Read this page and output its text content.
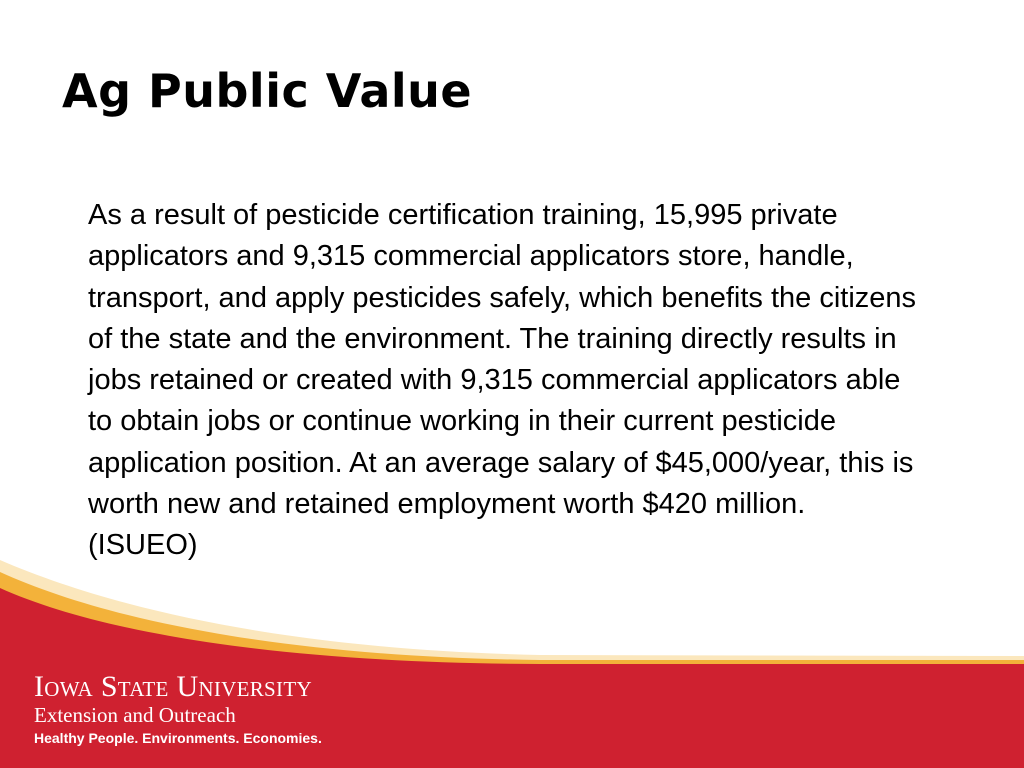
Ag Public Value

As a result of pesticide certification training, 15,995 private applicators and 9,315 commercial applicators store, handle, transport, and apply pesticides safely, which benefits the citizens of the state and the environment. The training directly results in jobs retained or created with 9,315 commercial applicators able to obtain jobs or continue working in their current pesticide application position. At an average salary of $45,000/year, this is worth new and retained employment worth $420 million. (ISUEO)

Iowa State University
Extension and Outreach
Healthy People. Environments. Economies.
